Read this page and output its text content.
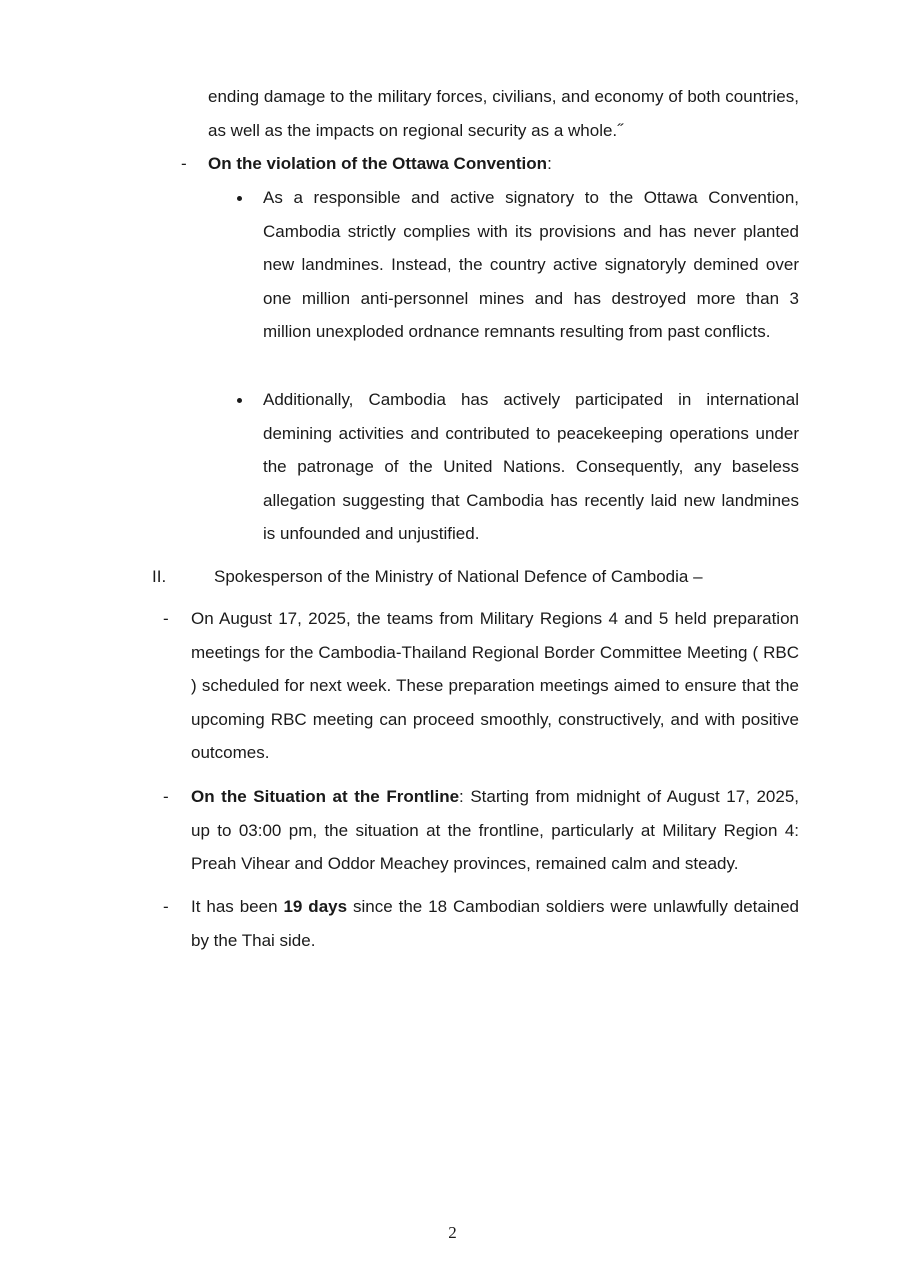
ending damage to the military forces, civilians, and economy of both countries, as well as the impacts on regional security as a whole.˝

- On the violation of the Ottawa Convention:

As a responsible and active signatory to the Ottawa Convention, Cambodia strictly complies with its provisions and has never planted new landmines. Instead, the country active signatoryly demined over one million anti-personnel mines and has destroyed more than 3 million unexploded ordnance remnants resulting from past conflicts.

Additionally, Cambodia has actively participated in international demining activities and contributed to peacekeeping operations under the patronage of the United Nations. Consequently, any baseless allegation suggesting that Cambodia has recently laid new landmines is unfounded and unjustified.

II.	Spokesperson of the Ministry of National Defence of Cambodia –
- On August 17, 2025, the teams from Military Regions 4 and 5 held preparation meetings for the Cambodia-Thailand Regional Border Committee Meeting ( RBC ) scheduled for next week. These preparation meetings aimed to ensure that the upcoming RBC meeting can proceed smoothly, constructively, and with positive outcomes.

- On the Situation at the Frontline: Starting from midnight of August 17, 2025, up to 03:00 pm, the situation at the frontline, particularly at Military Region 4: Preah Vihear and Oddor Meachey provinces, remained calm and steady.

- It has been 19 days since the 18 Cambodian soldiers were unlawfully detained by the Thai side.

2
